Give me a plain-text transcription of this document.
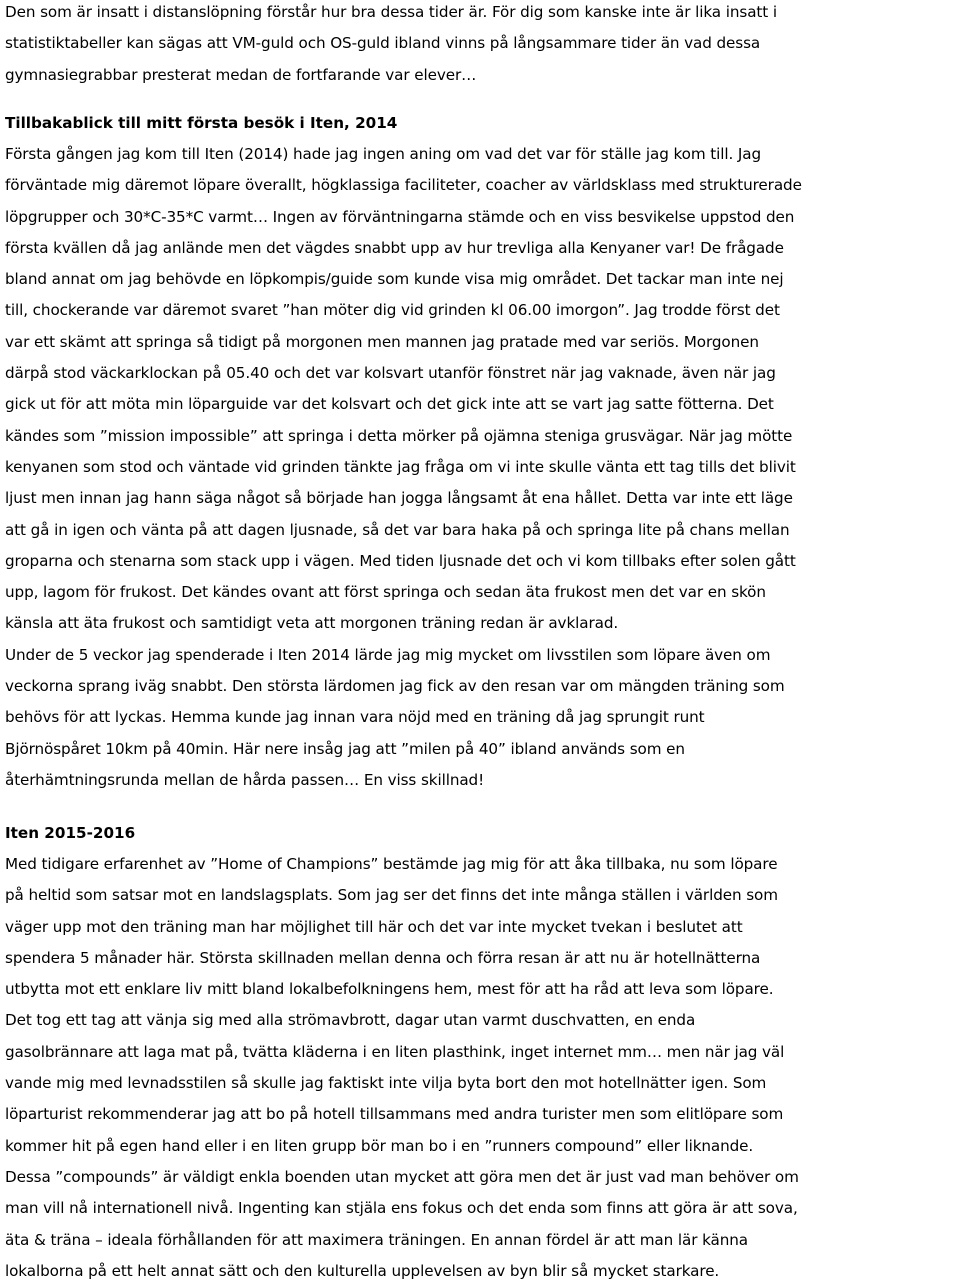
Den som är insatt i distanslöpning förstår hur bra dessa tider är. För dig som kanske inte är lika insatt i
statistiktabeller kan sägas att VM-guld och OS-guld ibland vinns på långsammare tider än vad dessa
gymnasiegrabbar presterat medan de fortfarande var elever…
Tillbakablick till mitt första besök i Iten, 2014
Första gången jag kom till Iten (2014) hade jag ingen aning om vad det var för ställe jag kom till. Jag
förväntade mig däremot löpare överallt, högklassiga faciliteter, coacher av världsklass med strukturerade
löpgrupper och 30*C-35*C varmt… Ingen av förväntningarna stämde och en viss besvikelse uppstod den
första kvällen då jag anlände men det vägdes snabbt upp av hur trevliga alla Kenyaner var! De frågade
bland annat om jag behövde en löpkompis/guide som kunde visa mig området. Det tackar man inte nej
till, chockerande var däremot svaret ”han möter dig vid grinden kl 06.00 imorgon”. Jag trodde först det
var ett skämt att springa så tidigt på morgonen men mannen jag pratade med var seriös. Morgonen
därpå stod väckarklockan på 05.40 och det var kolsvart utanför fönstret när jag vaknade, även när jag
gick ut för att möta min löparguide var det kolsvart och det gick inte att se vart jag satte fötterna. Det
kändes som ”mission impossible” att springa i detta mörker på ojämna steniga grusvägar. När jag mötte
kenyanen som stod och väntade vid grinden tänkte jag fråga om vi inte skulle vänta ett tag tills det blivit
ljust men innan jag hann säga något så började han jogga långsamt åt ena hållet. Detta var inte ett läge
att gå in igen och vänta på att dagen ljusnade, så det var bara haka på och springa lite på chans mellan
groparna och stenarna som stack upp i vägen. Med tiden ljusnade det och vi kom tillbaks efter solen gått
upp, lagom för frukost. Det kändes ovant att först springa och sedan äta frukost men det var en skön
känsla att äta frukost och samtidigt veta att morgonen träning redan är avklarad.
Under de 5 veckor jag spenderade i Iten 2014 lärde jag mig mycket om livsstilen som löpare även om
veckorna sprang iväg snabbt. Den största lärdomen jag fick av den resan var om mängden träning som
behövs för att lyckas. Hemma kunde jag innan vara nöjd med en träning då jag sprungit runt
Björnöspåret 10km på 40min. Här nere insåg jag att ”milen på 40” ibland används som en
återhämtningsrunda mellan de hårda passen… En viss skillnad!
Iten 2015-2016
Med tidigare erfarenhet av ”Home of Champions” bestämde jag mig för att åka tillbaka, nu som löpare
på heltid som satsar mot en landslagsplats. Som jag ser det finns det inte många ställen i världen som
väger upp mot den träning man har möjlighet till här och det var inte mycket tvekan i beslutet att
spendera 5 månader här. Största skillnaden mellan denna och förra resan är att nu är hotellnätterna
utbytta mot ett enklare liv mitt bland lokalbefolkningens hem, mest för att ha råd att leva som löpare.
Det tog ett tag att vänja sig med alla strömavbrott, dagar utan varmt duschvatten, en enda
gasolbrännare att laga mat på, tvätta kläderna i en liten plasthink, inget internet mm… men när jag väl
vande mig med levnadsstilen så skulle jag faktiskt inte vilja byta bort den mot hotellnätter igen. Som
löparturist rekommenderar jag att bo på hotell tillsammans med andra turister men som elitlöpare som
kommer hit på egen hand eller i en liten grupp bör man bo i en ”runners compound” eller liknande.
Dessa ”compounds” är väldigt enkla boenden utan mycket att göra men det är just vad man behöver om
man vill nå internationell nivå. Ingenting kan stjäla ens fokus och det enda som finns att göra är att sova,
äta & träna – ideala förhållanden för att maximera träningen. En annan fördel är att man lär känna
lokalborna på ett helt annat sätt och den kulturella upplevelsen av byn blir så mycket starkare.
